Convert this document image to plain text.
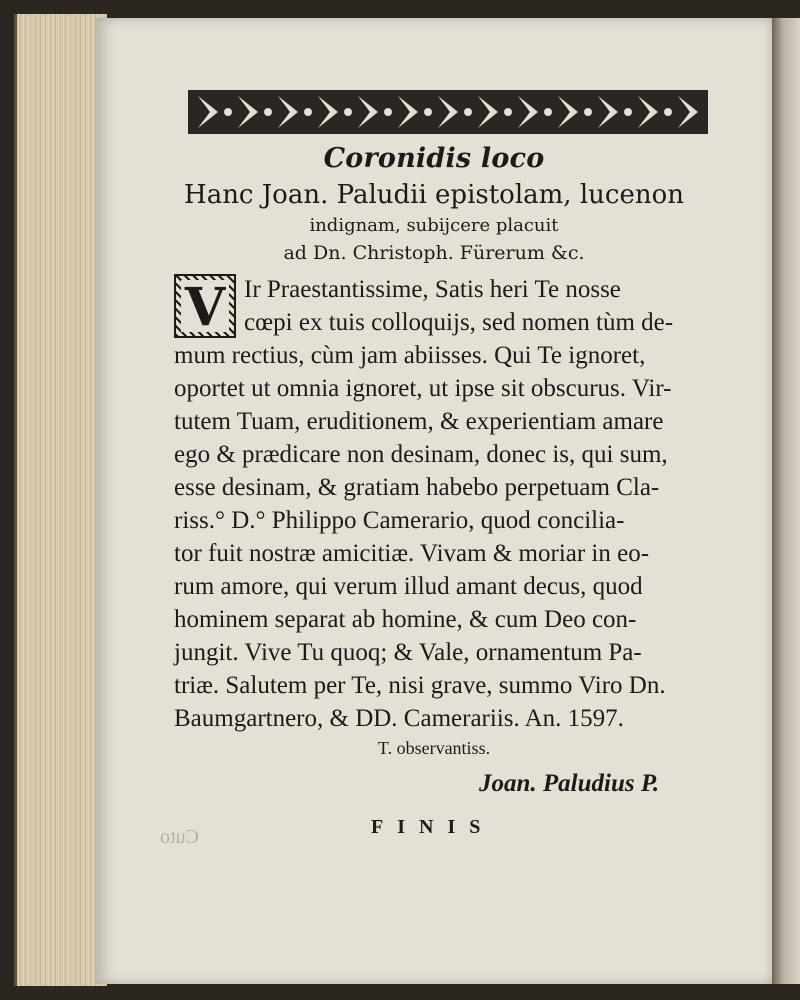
Coronidis loco
Hanc Joan. Paludii epistolam, lucenon
indignam, subijcere placuit
ad Dn. Christoph. Fürerum &c.
V Ir Praestantissime, Satis heri Te nosse
cœpi ex tuis colloquijs, sed nomen tùm de-
mum rectius, cùm jam abiisses. Qui Te ignoret,
oportet ut omnia ignoret, ut ipse sit obscurus. Vir-
tutem Tuam, eruditionem, & experientiam amare
ego & prædicare non desinam, donec is, qui sum,
esse desinam, & gratiam habebo perpetuam Cla-
riss.° D.° Philippo Camerario, quod concilia-
tor fuit nostræ amicitiæ. Vivam & moriar in eo-
rum amore, qui verum illud amant decus, quod
hominem separat ab homine, & cum Deo con-
jungit. Vive Tu quoq; & Vale, ornamentum Pa-
triæ. Salutem per Te, nisi grave, summo Viro Dn.
Baumgartnero, & DD. Camerariis. An. 1597.
T. observantiss.
Joan. Paludius P.
FINIS
Cuto
